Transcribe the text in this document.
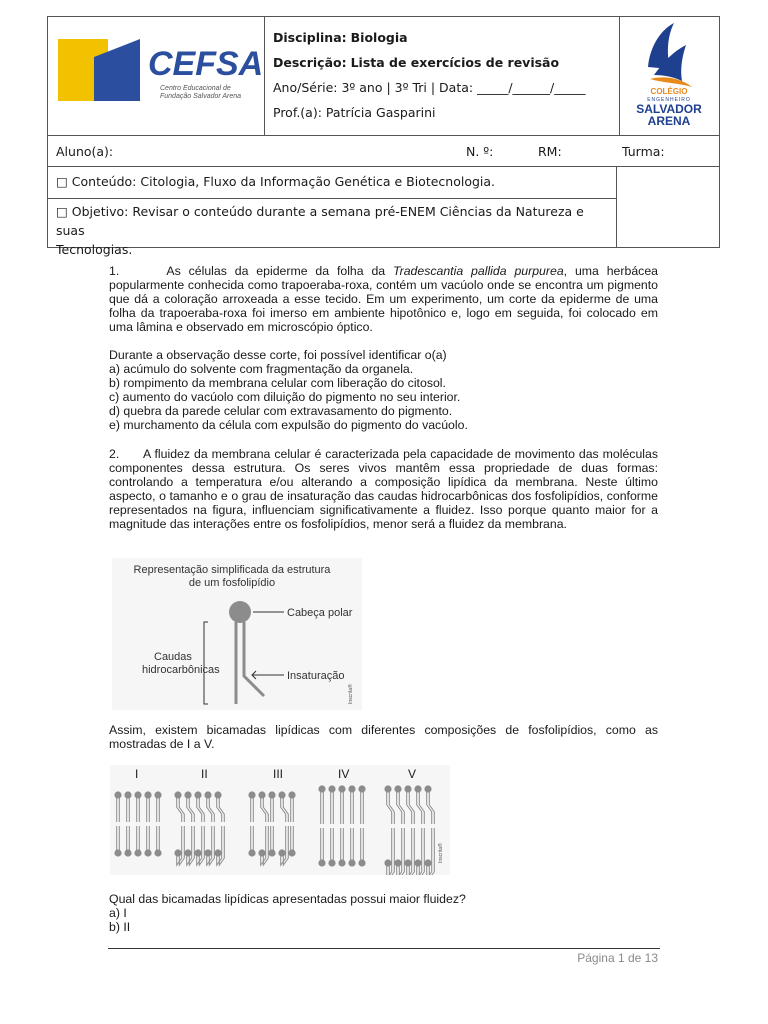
CEFSA
Centro Educacional de
Fundação Salvador Arena
Disciplina: Biologia
Descrição: Lista de exercícios de revisão
Ano/Série: 3º ano | 3º Tri | Data: _____/______/_____
Prof.(a): Patrícia Gasparini
COLÉGIO
ENGENHEIRO
SALVADOR
ARENA
Aluno(a):	N. º:	RM:	Turma:
□ Conteúdo: Citologia, Fluxo da Informação Genética e Biotecnologia.
□ Objetivo: Revisar o conteúdo durante a semana pré-ENEM Ciências da Natureza e suas
Tecnologias.

1.	As células da epiderme da folha da Tradescantia pallida purpurea, uma herbácea popularmente conhecida como trapoeraba-roxa, contém um vacúolo onde se encontra um pigmento que dá a coloração arroxeada a esse tecido. Em um experimento, um corte da epiderme de uma folha da trapoeraba-roxa foi imerso em ambiente hipotônico e, logo em seguida, foi colocado em uma lâmina e observado em microscópio óptico.

Durante a observação desse corte, foi possível identificar o(a)

a) acúmulo do solvente com fragmentação da organela.

b) rompimento da membrana celular com liberação do citosol.

c) aumento do vacúolo com diluição do pigmento no seu interior.

d) quebra da parede celular com extravasamento do pigmento.

e) murchamento da célula com expulsão do pigmento do vacúolo.

2. A fluidez da membrana celular é caracterizada pela capacidade de movimento das moléculas componentes dessa estrutura. Os seres vivos mantêm essa propriedade de duas formas: controlando a temperatura e/ou alterando a composição lipídica da membrana. Neste último aspecto, o tamanho e o grau de insaturação das caudas hidrocarbônicas dos fosfolipídios, conforme representados na figura, influenciam significativamente a fluidez. Isso porque quanto maior for a magnitude das interações entre os fosfolipídios, menor será a fluidez da membrana.

Representação simplificada da estrutura
de um fosfolipídio
Cabeça polar
Caudas
hidrocarbônicas	Insaturação
Inscrita®

Assim, existem bicamadas lipídicas com diferentes composições de fosfolipídios, como as mostradas de I a V.

I	II	III	IV	V
Inscrita®

Qual das bicamadas lipídicas apresentadas possui maior fluidez?

a) I

b) II

Página 1 de 13
